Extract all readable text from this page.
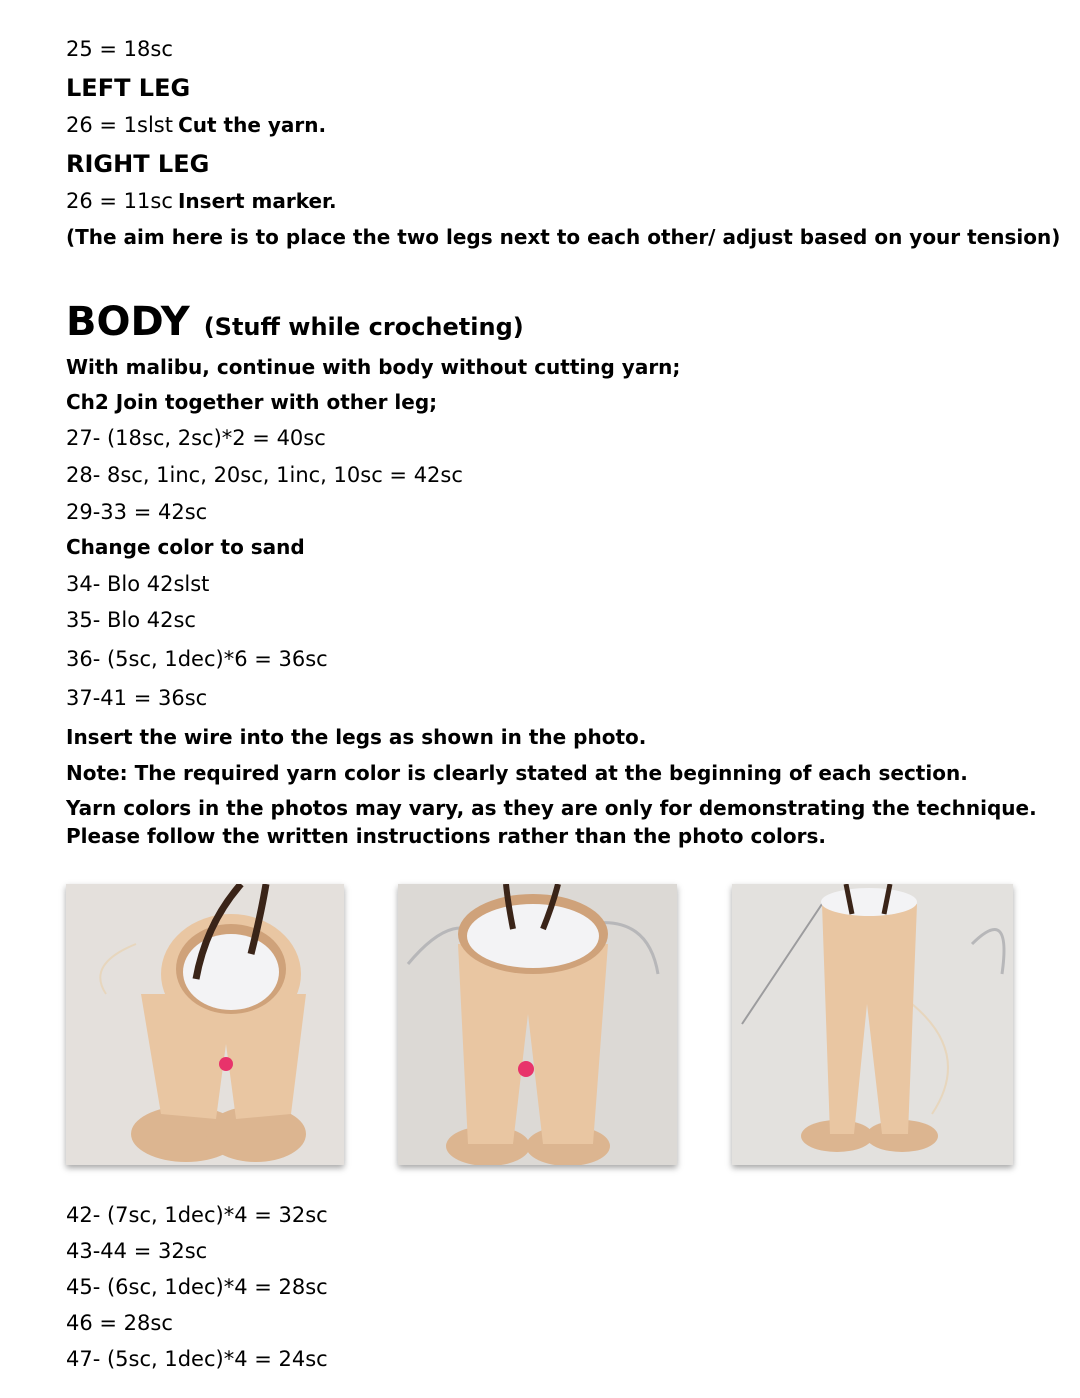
25 = 18sc
LEFT LEG
26 = 1slst Cut the yarn.
RIGHT LEG
26 = 11sc Insert marker.
(The aim here is to place the two legs next to each other/ adjust based on your tension)
BODY (Stuff while crocheting)
With malibu, continue with body without cutting yarn;
Ch2 Join together with other leg;
27- (18sc, 2sc)*2 = 40sc
28- 8sc, 1inc, 20sc, 1inc, 10sc = 42sc
29-33 = 42sc
Change color to sand
34- Blo 42slst
35- Blo 42sc
36- (5sc, 1dec)*6 = 36sc
37-41 = 36sc
Insert the wire into the legs as shown in the photo.
Note: The required yarn color is clearly stated at the beginning of each section.
Yarn colors in the photos may vary, as they are only for demonstrating the technique. Please follow the written instructions rather than the photo colors.
42- (7sc, 1dec)*4 = 32sc
43-44 = 32sc
45- (6sc, 1dec)*4 = 28sc
46 = 28sc
47- (5sc, 1dec)*4 = 24sc
